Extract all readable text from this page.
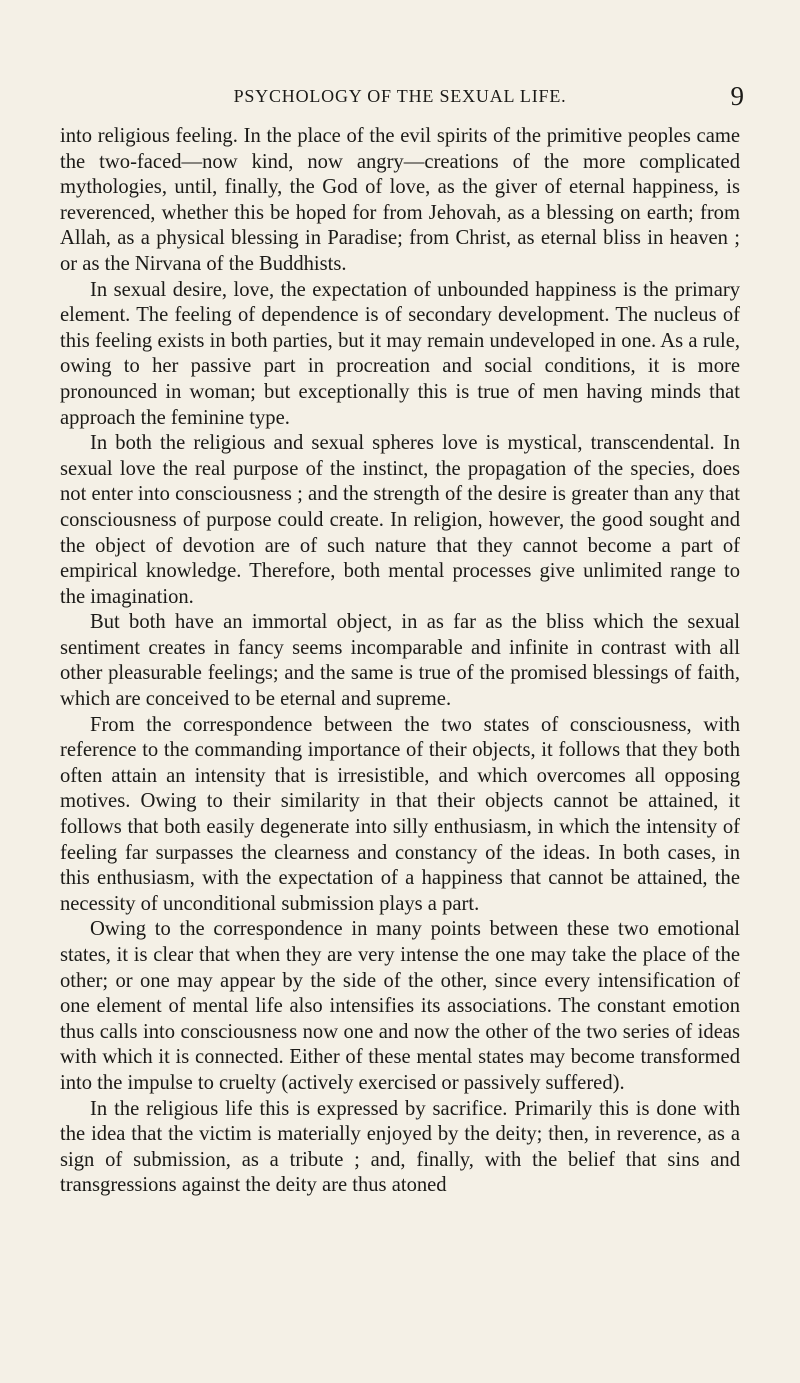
PSYCHOLOGY OF THE SEXUAL LIFE.	9

into religious feeling. In the place of the evil spirits of the primitive peoples came the two-faced—now kind, now angry—creations of the more complicated mythologies, until, finally, the God of love, as the giver of eternal happiness, is reverenced, whether this be hoped for from Jehovah, as a blessing on earth; from Allah, as a physical blessing in Paradise; from Christ, as eternal bliss in heaven ; or as the Nirvana of the Buddhists.

In sexual desire, love, the expectation of unbounded happiness is the primary element. The feeling of dependence is of secondary development. The nucleus of this feeling exists in both parties, but it may remain undeveloped in one. As a rule, owing to her passive part in procreation and social conditions, it is more pronounced in woman; but exceptionally this is true of men having minds that approach the feminine type.

In both the religious and sexual spheres love is mystical, transcendental. In sexual love the real purpose of the instinct, the propagation of the species, does not enter into consciousness ; and the strength of the desire is greater than any that consciousness of purpose could create. In religion, however, the good sought and the object of devotion are of such nature that they cannot become a part of empirical knowledge. Therefore, both mental processes give unlimited range to the imagination.

But both have an immortal object, in as far as the bliss which the sexual sentiment creates in fancy seems incomparable and infinite in contrast with all other pleasurable feelings; and the same is true of the promised blessings of faith, which are conceived to be eternal and supreme.

From the correspondence between the two states of consciousness, with reference to the commanding importance of their objects, it follows that they both often attain an intensity that is irresistible, and which overcomes all opposing motives. Owing to their similarity in that their objects cannot be attained, it follows that both easily degenerate into silly enthusiasm, in which the intensity of feeling far surpasses the clearness and constancy of the ideas. In both cases, in this enthusiasm, with the expectation of a happiness that cannot be attained, the necessity of unconditional submission plays a part.

Owing to the correspondence in many points between these two emotional states, it is clear that when they are very intense the one may take the place of the other; or one may appear by the side of the other, since every intensification of one element of mental life also intensifies its associations. The constant emotion thus calls into consciousness now one and now the other of the two series of ideas with which it is connected. Either of these mental states may become transformed into the impulse to cruelty (actively exercised or passively suffered).

In the religious life this is expressed by sacrifice. Primarily this is done with the idea that the victim is materially enjoyed by the deity; then, in reverence, as a sign of submission, as a tribute ; and, finally, with the belief that sins and transgressions against the deity are thus atoned
